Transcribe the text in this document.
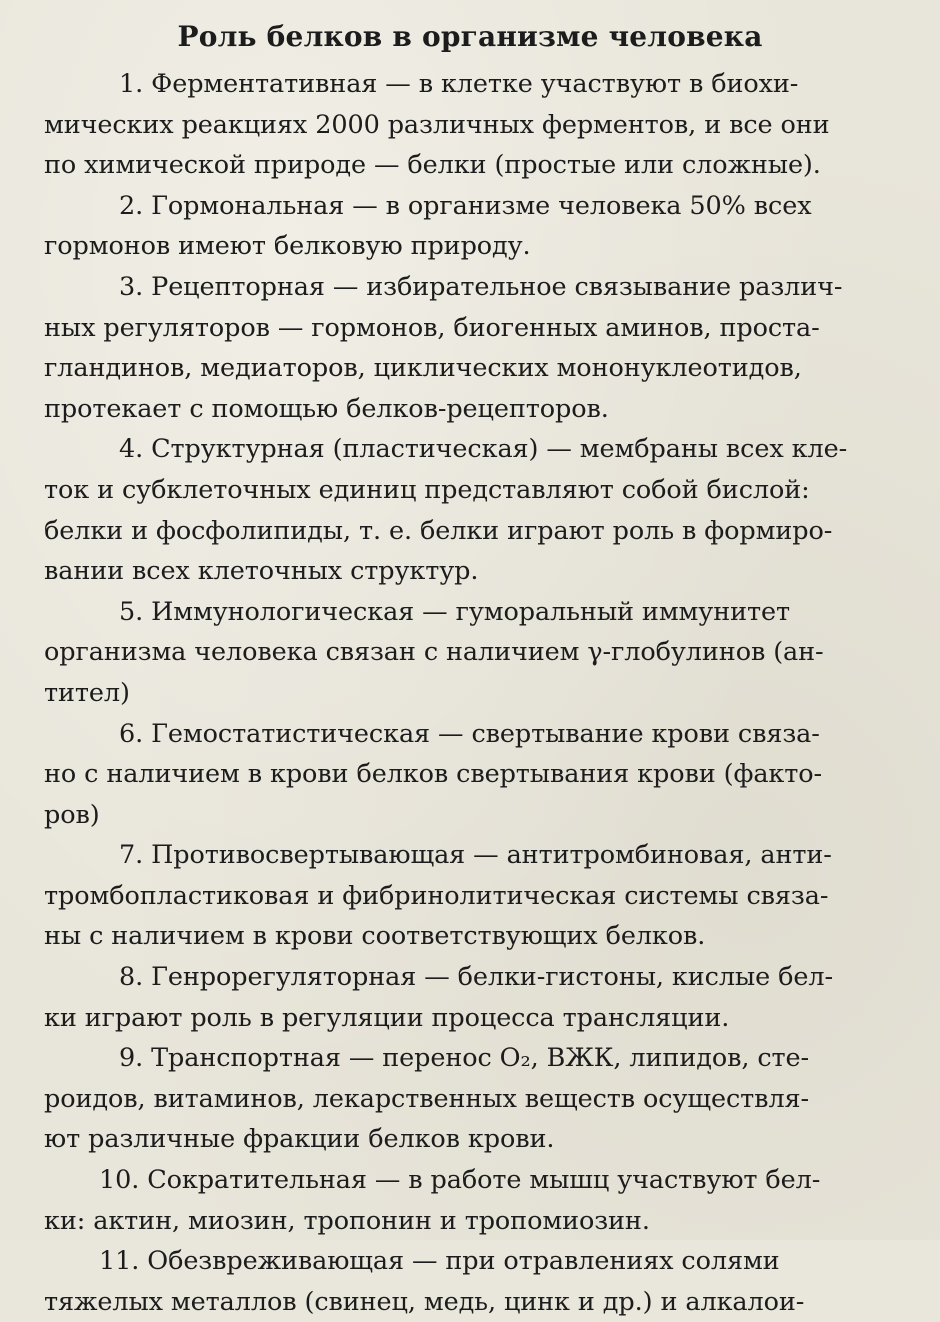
Роль белков в организме человека
1. Ферментативная — в клетке участвуют в биохи-
мических реакциях 2000 различных ферментов, и все они
по химической природе — белки (простые или сложные).
2. Гормональная — в организме человека 50% всех
гормонов имеют белковую природу.
3. Рецепторная — избирательное связывание различ-
ных регуляторов — гормонов, биогенных аминов, проста-
гландинов, медиаторов, циклических мононуклеотидов,
протекает с помощью белков-рецепторов.
4. Структурная (пластическая) — мембраны всех кле-
ток и субклеточных единиц представляют собой бислой:
белки и фосфолипиды, т. е. белки играют роль в формиро-
вании всех клеточных структур.
5. Иммунологическая — гуморальный иммунитет
организма человека связан с наличием γ-глобулинов (ан-
тител)
6. Гемостатистическая — свертывание крови связа-
но с наличием в крови белков свертывания крови (факто-
ров)
7. Противосвертывающая — антитромбиновая, анти-
тромбопластиковая и фибринолитическая системы связа-
ны с наличием в крови соответствующих белков.
8. Генрорегуляторная — белки-гистоны, кислые бел-
ки играют роль в регуляции процесса трансляции.
9. Транспортная — перенос O₂, ВЖК, липидов, сте-
роидов, витаминов, лекарственных веществ осуществля-
ют различные фракции белков крови.
10. Сократительная — в работе мышц участвуют бел-
ки: актин, миозин, тропонин и тропомиозин.
11. Обезвреживающая — при отравлениях солями
тяжелых металлов (свинец, медь, цинк и др.) и алкалои-
